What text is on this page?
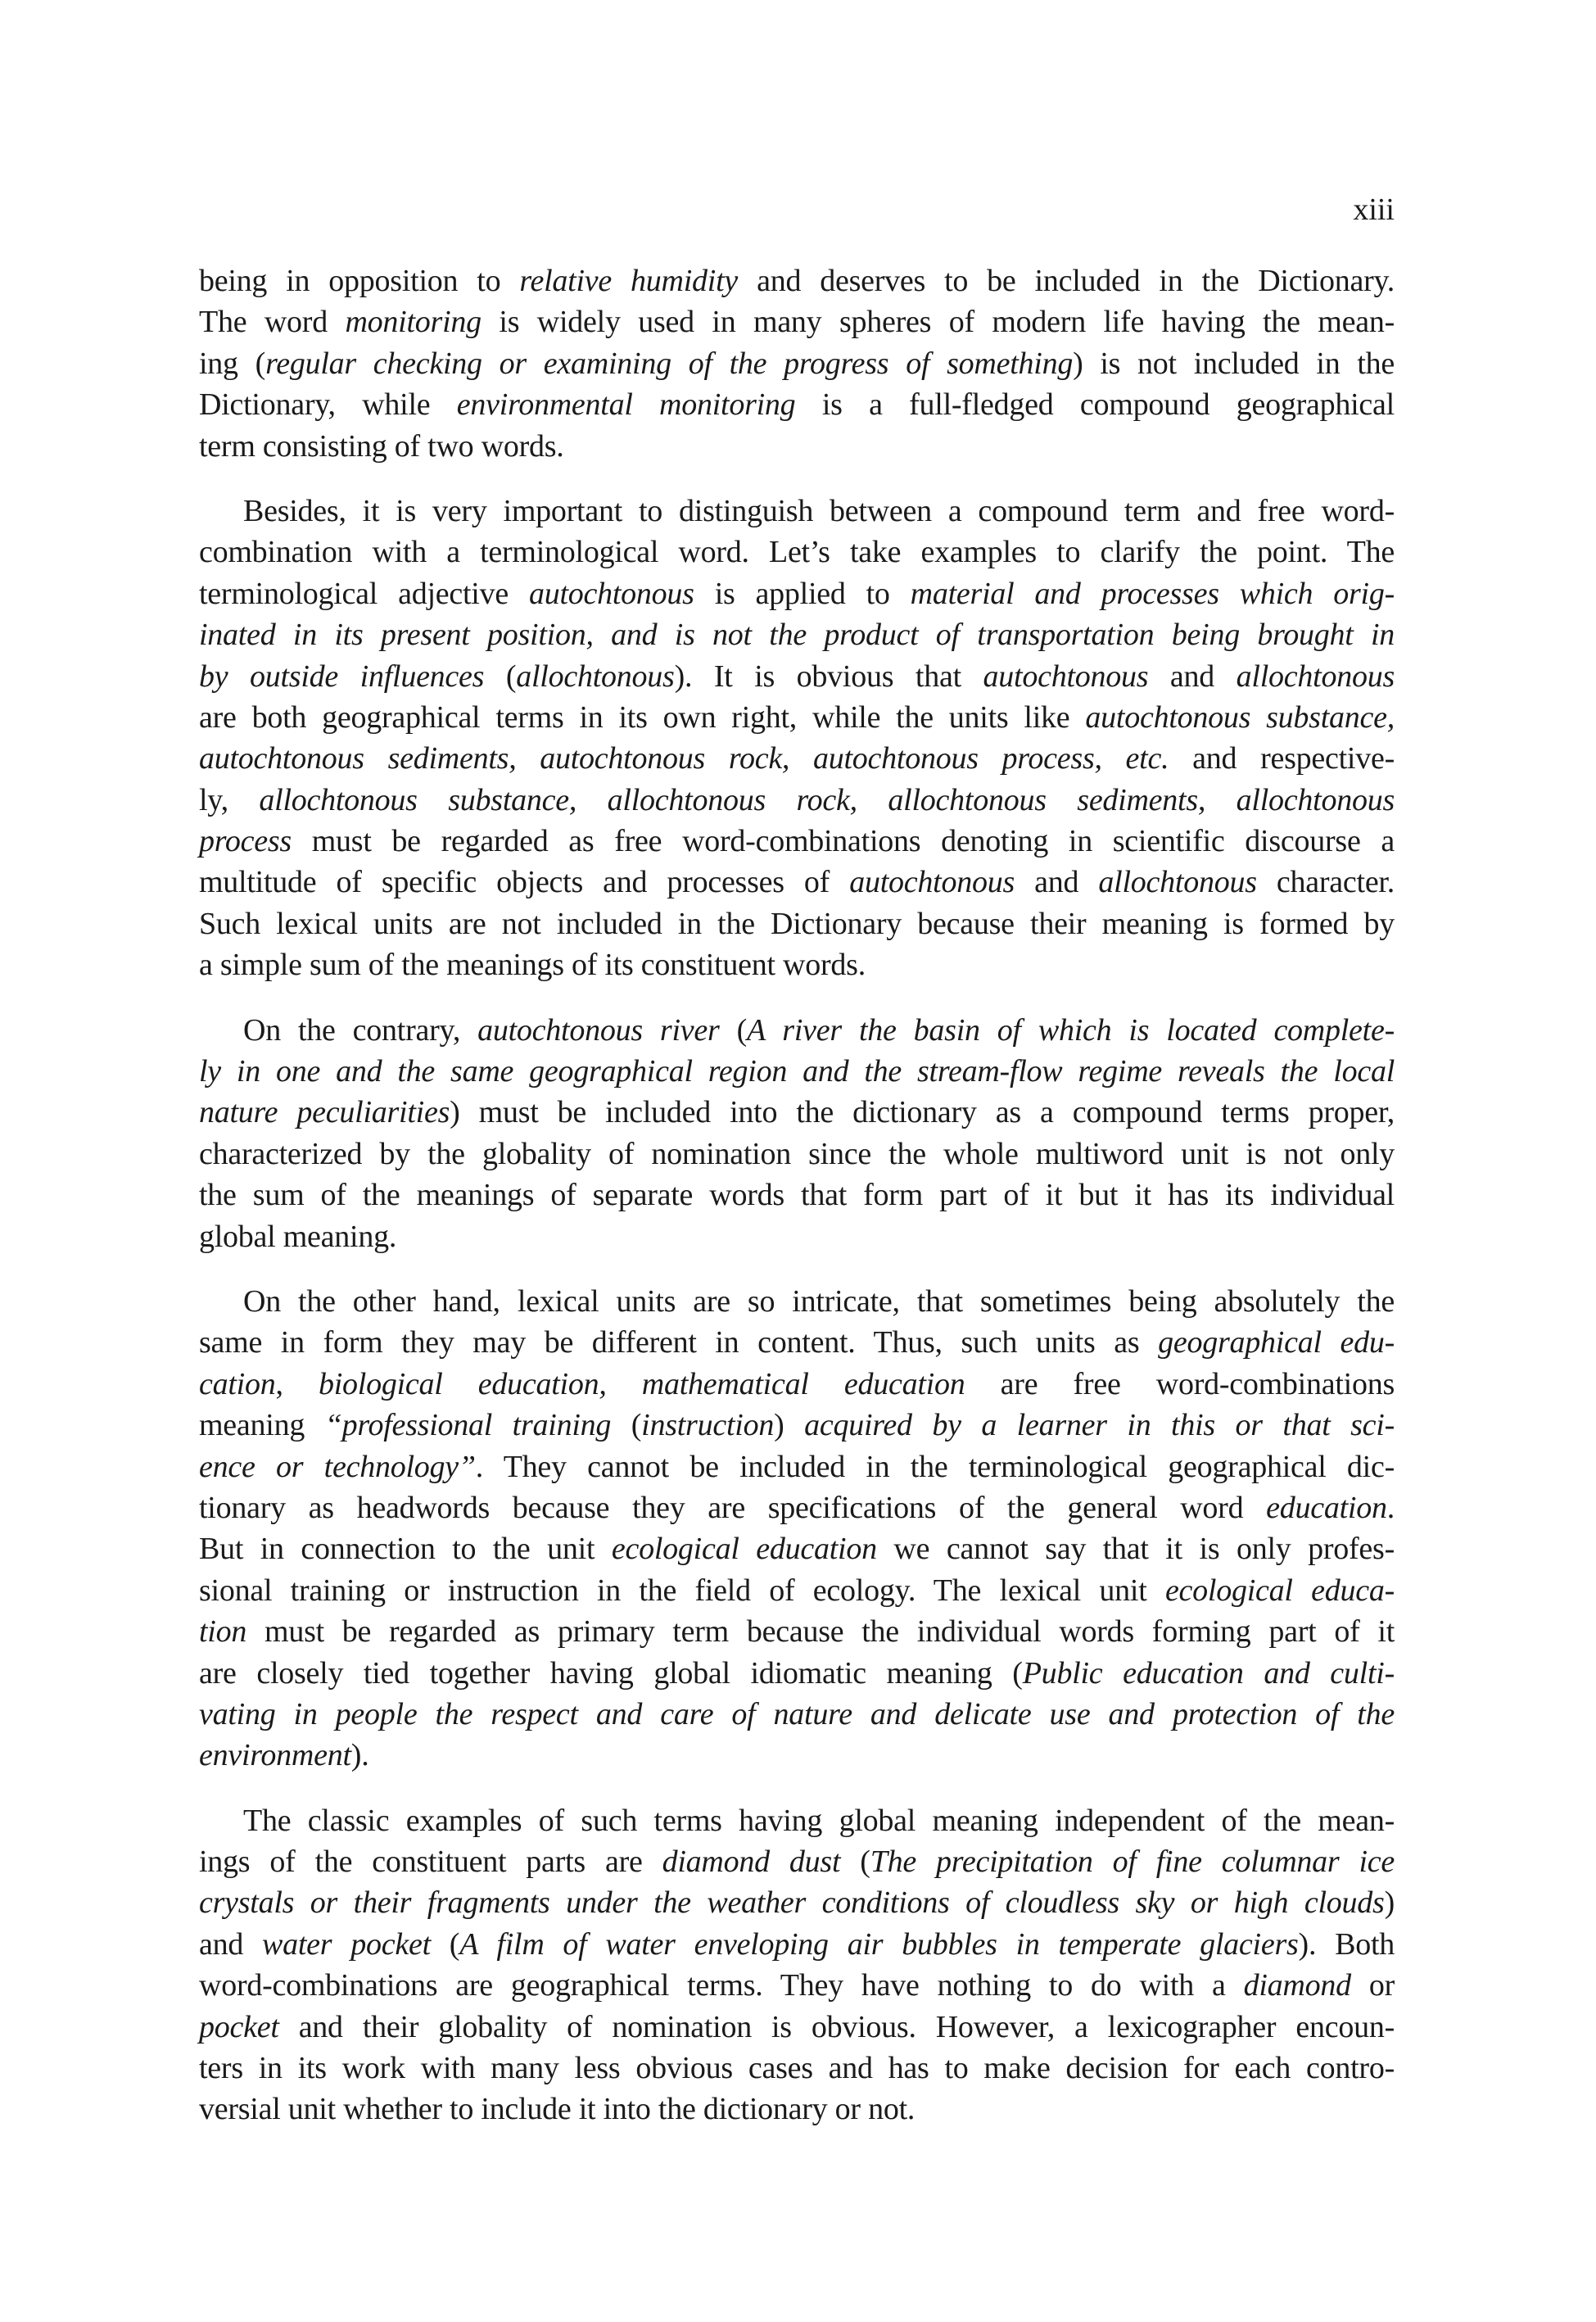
xiii
being in opposition to relative humidity and deserves to be included in the Dictionary.
The word monitoring is widely used in many spheres of modern life having the mean-
ing (regular checking or examining of the progress of something) is not included in the
Dictionary, while environmental monitoring is a full-fledged compound geographical
term consisting of two words.
Besides, it is very important to distinguish between a compound term and free word-
combination with a terminological word. Let’s take examples to clarify the point. The
terminological adjective autochtonous is applied to material and processes which orig-
inated in its present position, and is not the product of transportation being brought in
by outside influences (allochtonous). It is obvious that autochtonous and allochtonous
are both geographical terms in its own right, while the units like autochtonous substance,
autochtonous sediments, autochtonous rock, autochtonous process, etc. and respective-
ly, allochtonous substance, allochtonous rock, allochtonous sediments, allochtonous
process must be regarded as free word-combinations denoting in scientific discourse a
multitude of specific objects and processes of autochtonous and allochtonous character.
Such lexical units are not included in the Dictionary because their meaning is formed by
a simple sum of the meanings of its constituent words.
On the contrary, autochtonous river (A river the basin of which is located complete-
ly in one and the same geographical region and the stream-flow regime reveals the local
nature peculiarities) must be included into the dictionary as a compound terms proper,
characterized by the globality of nomination since the whole multiword unit is not only
the sum of the meanings of separate words that form part of it but it has its individual
global meaning.
On the other hand, lexical units are so intricate, that sometimes being absolutely the
same in form they may be different in content. Thus, such units as geographical edu-
cation, biological education, mathematical education are free word-combinations
meaning “professional training (instruction) acquired by a learner in this or that sci-
ence or technology”. They cannot be included in the terminological geographical dic-
tionary as headwords because they are specifications of the general word education.
But in connection to the unit ecological education we cannot say that it is only profes-
sional training or instruction in the field of ecology. The lexical unit ecological educa-
tion must be regarded as primary term because the individual words forming part of it
are closely tied together having global idiomatic meaning (Public education and culti-
vating in people the respect and care of nature and delicate use and protection of the
environment).
The classic examples of such terms having global meaning independent of the mean-
ings of the constituent parts are diamond dust (The precipitation of fine columnar ice
crystals or their fragments under the weather conditions of cloudless sky or high clouds)
and water pocket (A film of water enveloping air bubbles in temperate glaciers). Both
word-combinations are geographical terms. They have nothing to do with a diamond or
pocket and their globality of nomination is obvious. However, a lexicographer encoun-
ters in its work with many less obvious cases and has to make decision for each contro-
versial unit whether to include it into the dictionary or not.
